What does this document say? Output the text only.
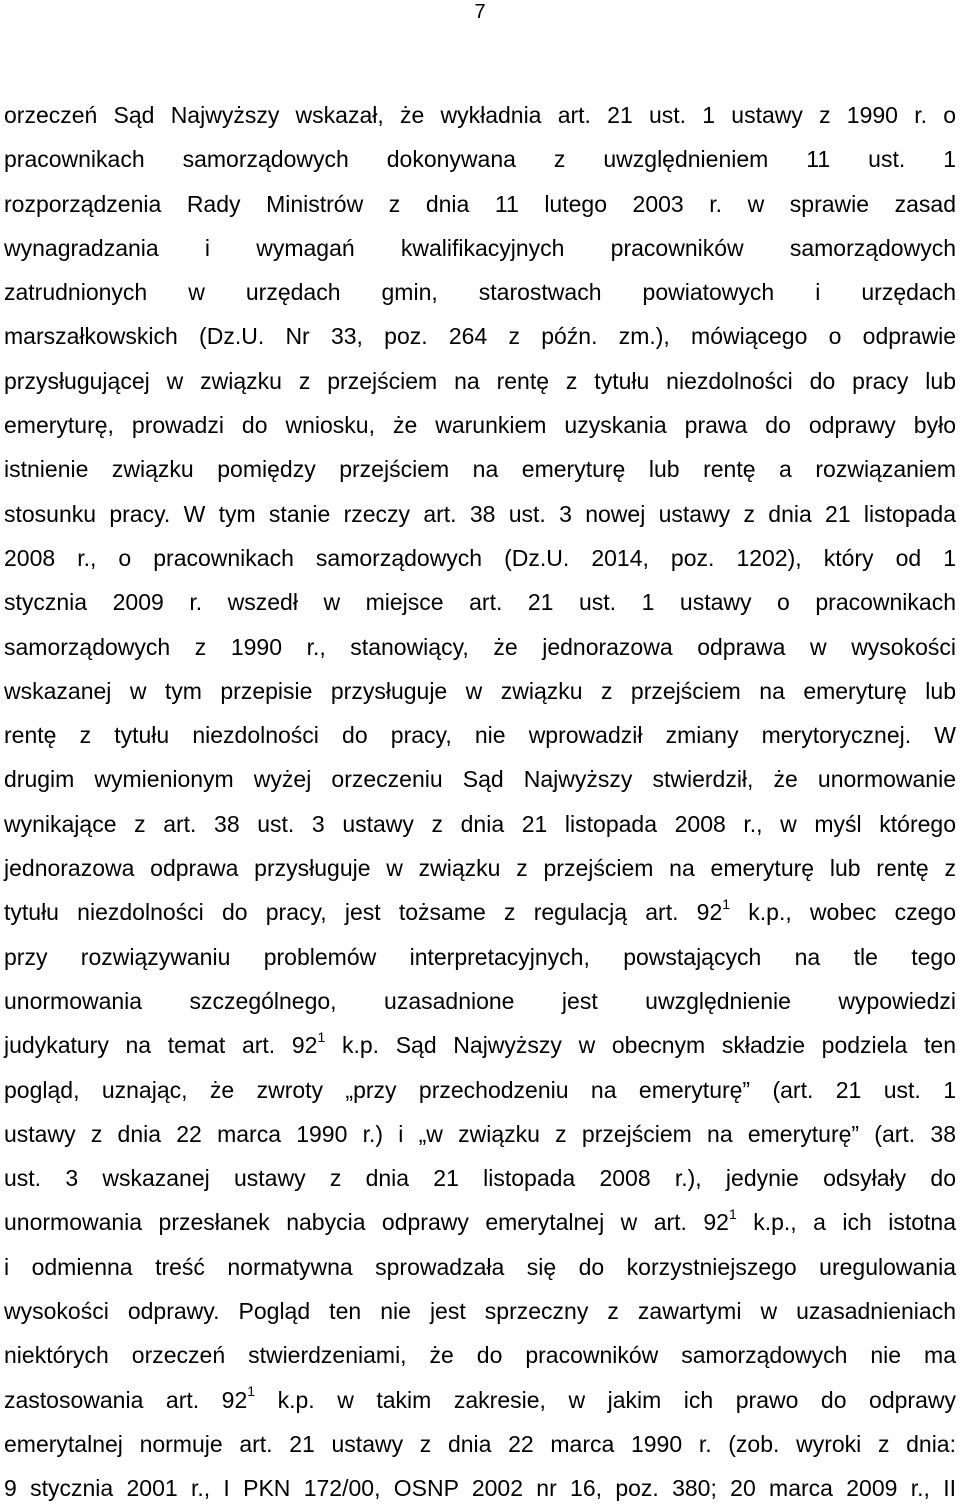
7
orzeczeń Sąd Najwyższy wskazał, że wykładnia art. 21 ust. 1 ustawy z 1990 r. o
pracownikach samorządowych dokonywana z uwzględnieniem 11 ust. 1
rozporządzenia Rady Ministrów z dnia 11 lutego 2003 r. w sprawie zasad
wynagradzania i wymagań kwalifikacyjnych pracowników samorządowych
zatrudnionych w urzędach gmin, starostwach powiatowych i urzędach
marszałkowskich (Dz.U. Nr 33, poz. 264 z późn. zm.), mówiącego o odprawie
przysługującej w związku z przejściem na rentę z tytułu niezdolności do pracy lub
emeryturę, prowadzi do wniosku, że warunkiem uzyskania prawa do odprawy było
istnienie związku pomiędzy przejściem na emeryturę lub rentę a rozwiązaniem
stosunku pracy. W tym stanie rzeczy art. 38 ust. 3 nowej ustawy z dnia 21 listopada
2008 r., o pracownikach samorządowych (Dz.U. 2014, poz. 1202), który od 1
stycznia 2009 r. wszedł w miejsce art. 21 ust. 1 ustawy o pracownikach
samorządowych z 1990 r., stanowiący, że jednorazowa odprawa w wysokości
wskazanej w tym przepisie przysługuje w związku z przejściem na emeryturę lub
rentę z tytułu niezdolności do pracy, nie wprowadził zmiany merytorycznej. W
drugim wymienionym wyżej orzeczeniu Sąd Najwyższy stwierdził, że unormowanie
wynikające z art. 38 ust. 3 ustawy z dnia 21 listopada 2008 r., w myśl którego
jednorazowa odprawa przysługuje w związku z przejściem na emeryturę lub rentę z
tytułu niezdolności do pracy, jest tożsame z regulacją art. $92^1$ k.p., wobec czego
przy rozwiązywaniu problemów interpretacyjnych, powstających na tle tego
unormowania szczególnego, uzasadnione jest uwzględnienie wypowiedzi
judykatury na temat art. $92^1$ k.p. Sąd Najwyższy w obecnym składzie podziela ten
pogląd, uznając, że zwroty „przy przechodzeniu na emeryturę” (art. 21 ust. 1
ustawy z dnia 22 marca 1990 r.) i „w związku z przejściem na emeryturę” (art. 38
ust. 3 wskazanej ustawy z dnia 21 listopada 2008 r.), jedynie odsyłały do
unormowania przesłanek nabycia odprawy emerytalnej w art. $92^1$ k.p., a ich istotna
i odmienna treść normatywna sprowadzała się do korzystniejszego uregulowania
wysokości odprawy. Pogląd ten nie jest sprzeczny z zawartymi w uzasadnieniach
niektórych orzeczeń stwierdzeniami, że do pracowników samorządowych nie ma
zastosowania art. $92^1$ k.p. w takim zakresie, w jakim ich prawo do odprawy
emerytalnej normuje art. 21 ustawy z dnia 22 marca 1990 r. (zob. wyroki z dnia:
9 stycznia 2001 r., I PKN 172/00, OSNP 2002 nr 16, poz. 380; 20 marca 2009 r., II
